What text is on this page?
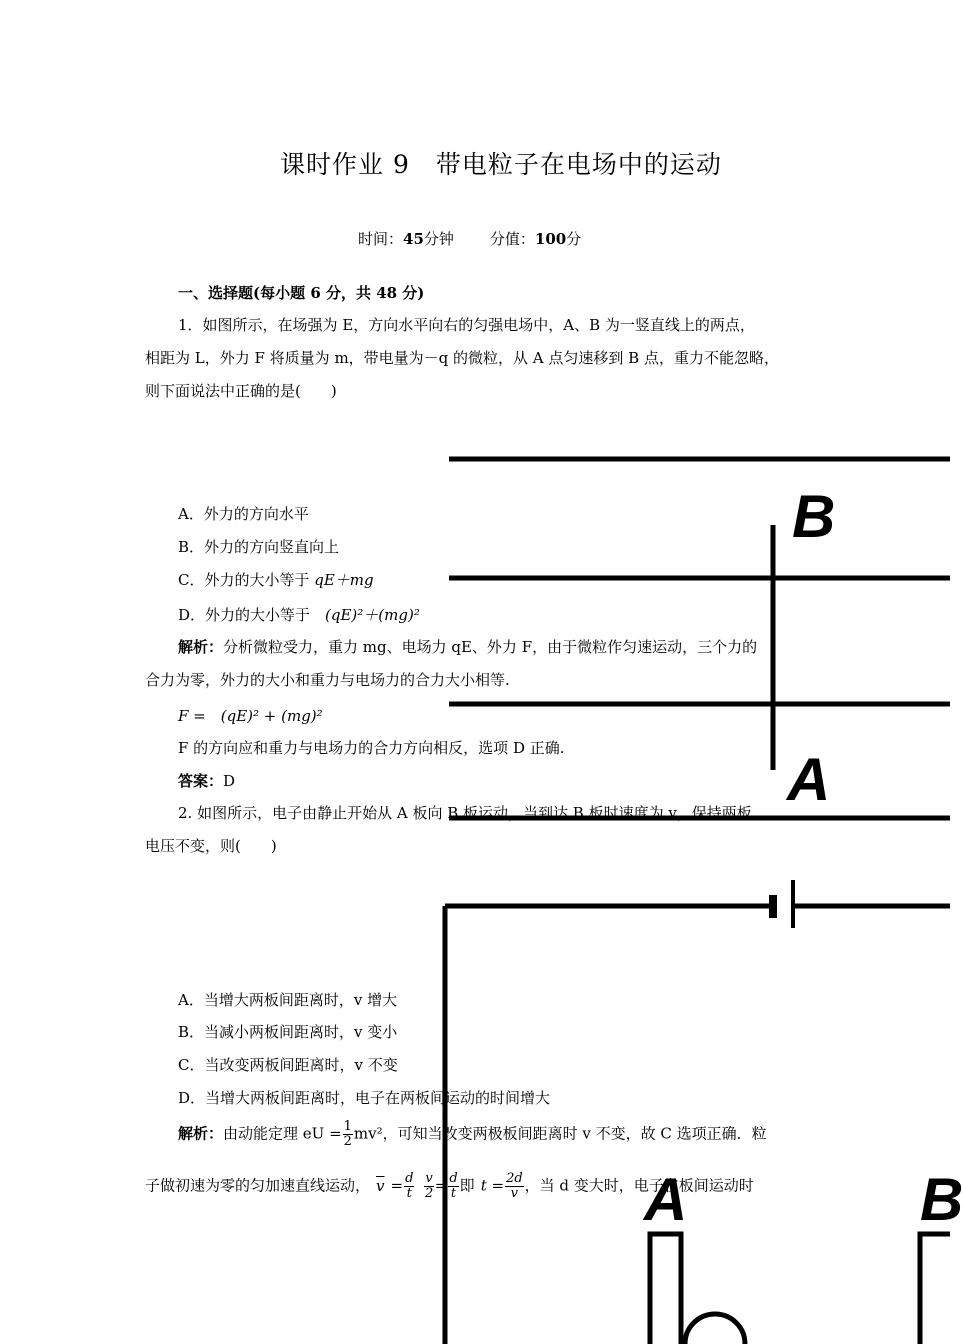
B
A
A	B
课时作业 9　带电粒子在电场中的运动
时间：45分钟 分值：100分
一、选择题(每小题 6 分，共 48 分)
1．如图所示，在场强为 E，方向水平向右的匀强电场中，A、B 为一竖直线上的两点，
相距为 L，外力 F 将质量为 m，带电量为－q 的微粒，从 A 点匀速移到 B 点，重力不能忽略，
则下面说法中正确的是(　　)
A．外力的方向水平
B．外力的方向竖直向上
C．外力的大小等于 qE＋mg
D．外力的大小等于　(qE)²＋(mg)²
解析：分析微粒受力，重力 mg、电场力 qE、外力 F，由于微粒作匀速运动，三个力的
合力为零，外力的大小和重力与电场力的合力大小相等.
F =　(qE)² + (mg)²
F 的方向应和重力与电场力的合力方向相反，选项 D 正确.
答案：D
2. 如图所示，电子由静止开始从 A 板向 B 板运动，当到达 B 板时速度为 v，保持两板
电压不变，则(　　)
A．当增大两板间距离时，v 增大
B．当减小两板间距离时，v 变小
C．当改变两板间距离时，v 不变
D．当增大两板间距离时，电子在两板间运动的时间增大
解析：由动能定理 eU = $\frac{1}{2} mv^2$，可知当改变两极板间距离时 v 不变，故 C 选项正确．粒
子做初速为零的匀加速直线运动， $\overline{v} = \frac{d}{t} \frac{v}{2} = \frac{d}{t}$ 即 $t = \frac{2d}{v}$ ，当 d 变大时，电子在板间运动时
